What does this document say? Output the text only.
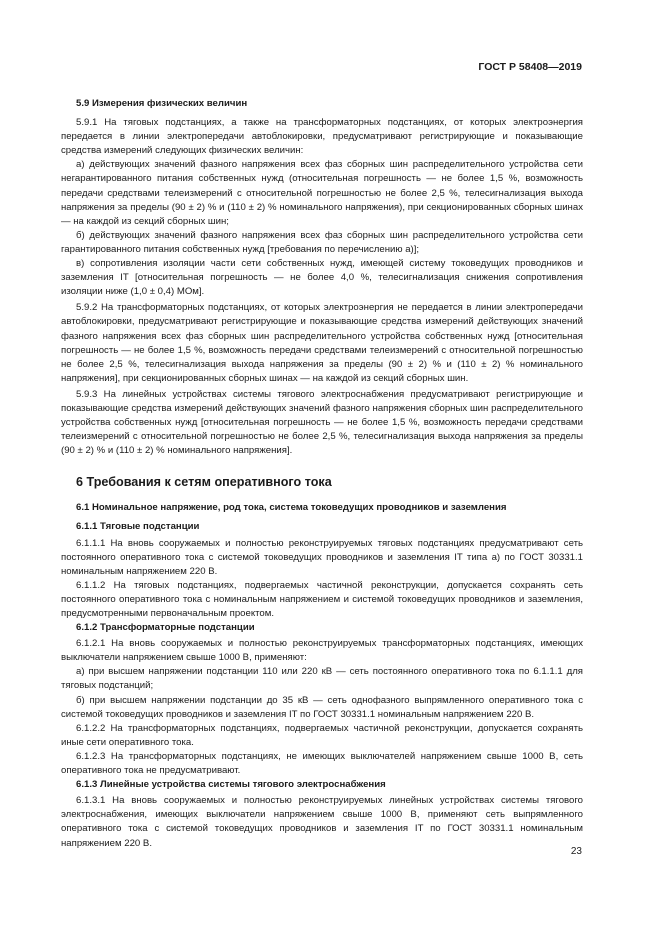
ГОСТ Р 58408—2019
5.9 Измерения физических величин

5.9.1 На тяговых подстанциях, а также на трансформаторных подстанциях, от которых электроэнергия передается в линии электропередачи автоблокировки, предусматривают регистрирующие и показывающие средства измерений следующих физических величин:

а) действующих значений фазного напряжения всех фаз сборных шин распределительного устройства сети негарантированного питания собственных нужд (относительная погрешность — не более 1,5 %, возможность передачи средствами телеизмерений с относительной погрешностью не более 2,5 %, телесигнализация выхода напряжения за пределы (90 ± 2) % и (110 ± 2) % номинального напряжения), при секционированных сборных шинах — на каждой из секций сборных шин;

б) действующих значений фазного напряжения всех фаз сборных шин распределительного устройства сети гарантированного питания собственных нужд [требования по перечислению а)];

в) сопротивления изоляции части сети собственных нужд, имеющей систему токоведущих проводников и заземления IT [относительная погрешность — не более 4,0 %, телесигнализация снижения сопротивления изоляции ниже (1,0 ± 0,4) МОм].

5.9.2 На трансформаторных подстанциях, от которых электроэнергия не передается в линии электропередачи автоблокировки, предусматривают регистрирующие и показывающие средства измерений действующих значений фазного напряжения всех фаз сборных шин распределительного устройства собственных нужд [относительная погрешность — не более 1,5 %, возможность передачи средствами телеизмерений с относительной погрешностью не более 2,5 %, телесигнализация выхода напряжения за пределы (90 ± 2) % и (110 ± 2) % номинального напряжения], при секционированных сборных шинах — на каждой из секций сборных шин.

5.9.3 На линейных устройствах системы тягового электроснабжения предусматривают регистрирующие и показывающие средства измерений действующих значений фазного напряжения сборных шин распределительного устройства собственных нужд [относительная погрешность — не более 1,5 %, возможность передачи средствами телеизмерений с относительной погрешностью не более 2,5 %, телесигнализация выхода напряжения за пределы (90 ± 2) % и (110 ± 2) % номинального напряжения].

6 Требования к сетям оперативного тока
6.1 Номинальное напряжение, род тока, система токоведущих проводников и заземления
6.1.1 Тяговые подстанции

6.1.1.1 На вновь сооружаемых и полностью реконструируемых тяговых подстанциях предусматривают сеть постоянного оперативного тока с системой токоведущих проводников и заземления IT типа а) по ГОСТ 30331.1 номинальным напряжением 220 В.

6.1.1.2 На тяговых подстанциях, подвергаемых частичной реконструкции, допускается сохранять сеть постоянного оперативного тока с номинальным напряжением и системой токоведущих проводников и заземления, предусмотренными первоначальным проектом.

6.1.2 Трансформаторные подстанции

6.1.2.1 На вновь сооружаемых и полностью реконструируемых трансформаторных подстанциях, имеющих выключатели напряжением свыше 1000 В, применяют:

а) при высшем напряжении подстанции 110 или 220 кВ — сеть постоянного оперативного тока по 6.1.1.1 для тяговых подстанций;

б) при высшем напряжении подстанции до 35 кВ — сеть однофазного выпрямленного оперативного тока с системой токоведущих проводников и заземления IT по ГОСТ 30331.1 номинальным напряжением 220 В.

6.1.2.2 На трансформаторных подстанциях, подвергаемых частичной реконструкции, допускается сохранять иные сети оперативного тока.

6.1.2.3 На трансформаторных подстанциях, не имеющих выключателей напряжением свыше 1000 В, сеть оперативного тока не предусматривают.

6.1.3 Линейные устройства системы тягового электроснабжения

6.1.3.1 На вновь сооружаемых и полностью реконструируемых линейных устройствах системы тягового электроснабжения, имеющих выключатели напряжением свыше 1000 В, применяют сеть выпрямленного оперативного тока с системой токоведущих проводников и заземления IT по ГОСТ 30331.1 номинальным напряжением 220 В.

23
